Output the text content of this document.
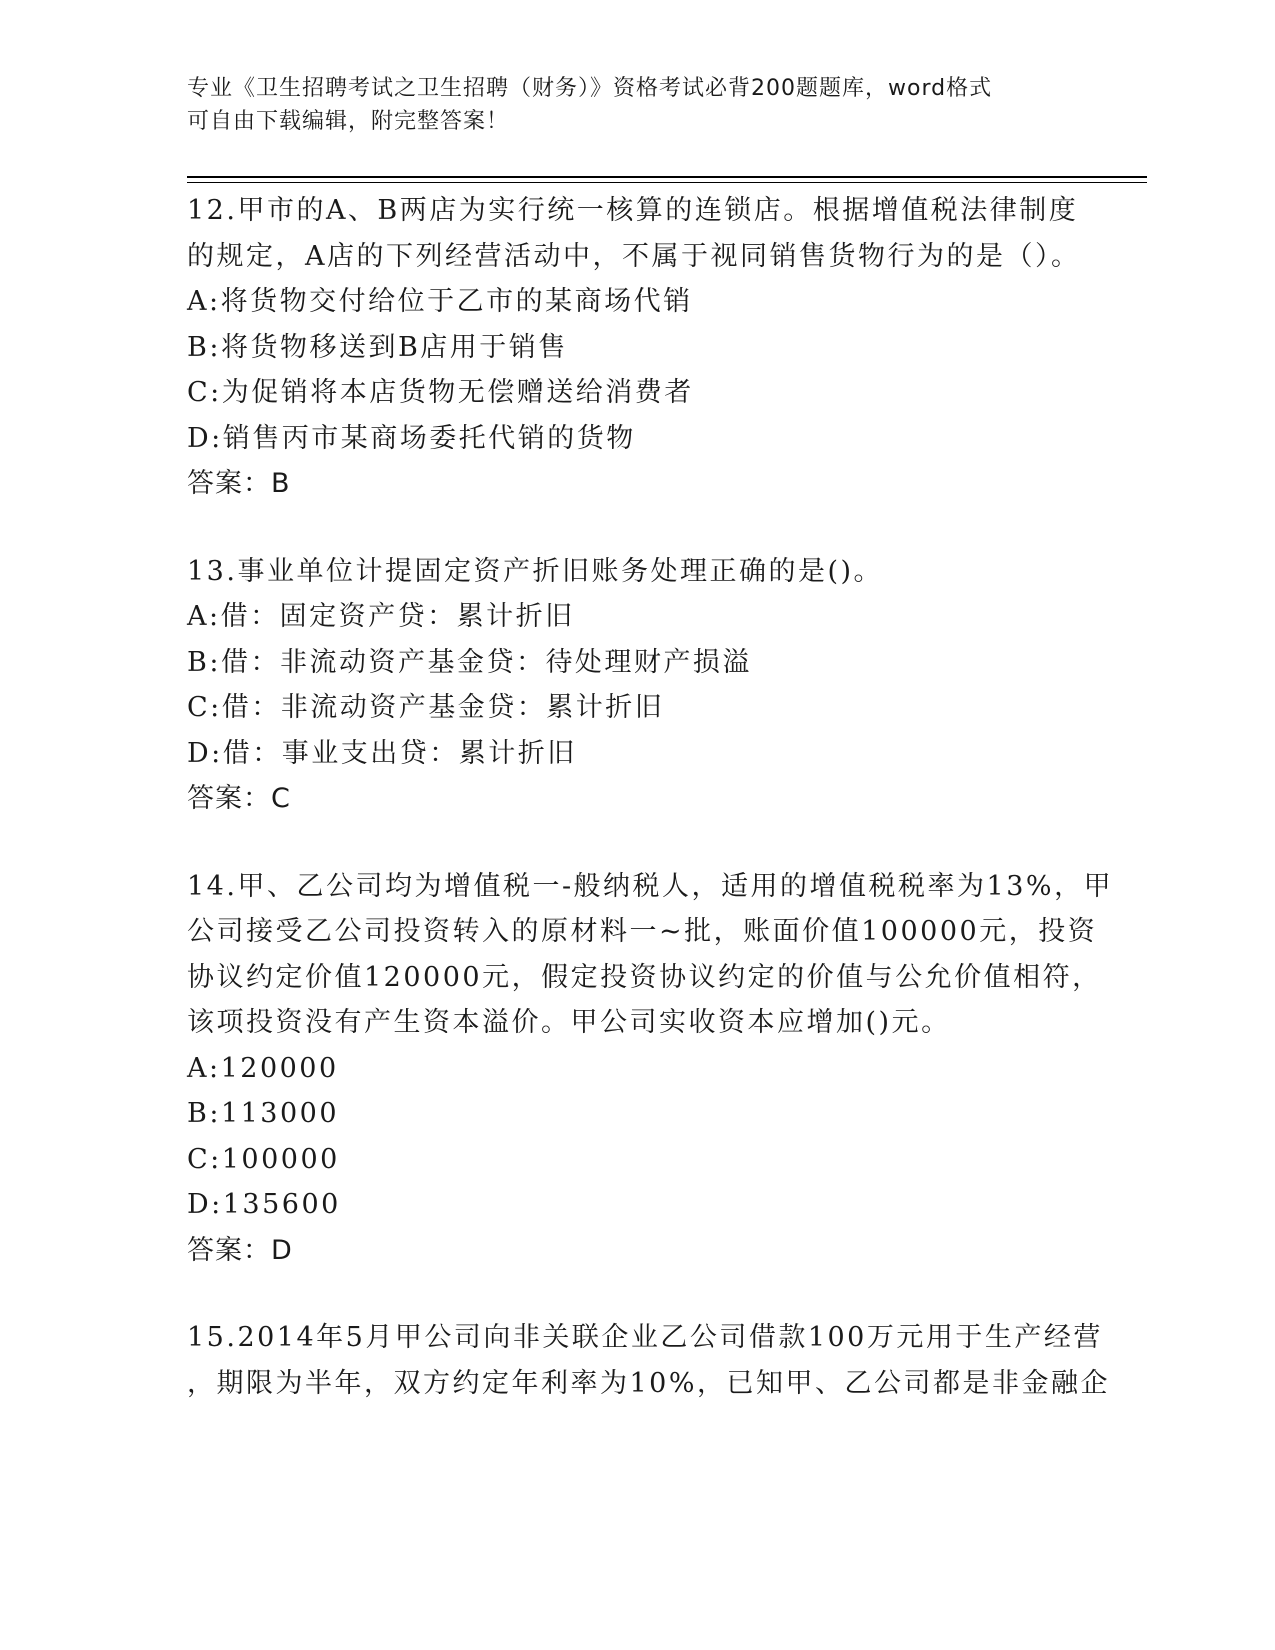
专业《卫生招聘考试之卫生招聘（财务）》资格考试必背200题题库，word格式
可自由下载编辑，附完整答案！
12.甲市的A、B两店为实行统一核算的连锁店。根据增值税法律制度
的规定，A店的下列经营活动中，不属于视同销售货物行为的是（）。
A:将货物交付给位于乙市的某商场代销
B:将货物移送到B店用于销售
C:为促销将本店货物无偿赠送给消费者
D:销售丙市某商场委托代销的货物
答案：B
13.事业单位计提固定资产折旧账务处理正确的是()。
A:借：固定资产贷：累计折旧
B:借：非流动资产基金贷：待处理财产损溢
C:借：非流动资产基金贷：累计折旧
D:借：事业支出贷：累计折旧
答案：C
14.甲、乙公司均为增值税一-般纳税人，适用的增值税税率为13%，甲
公司接受乙公司投资转入的原材料一~批，账面价值100000元，投资
协议约定价值120000元，假定投资协议约定的价值与公允价值相符，
该项投资没有产生资本溢价。甲公司实收资本应增加()元。
A:120000
B:113000
C:100000
D:135600
答案：D
15.2014年5月甲公司向非关联企业乙公司借款100万元用于生产经营
，期限为半年，双方约定年利率为10%，已知甲、乙公司都是非金融企
